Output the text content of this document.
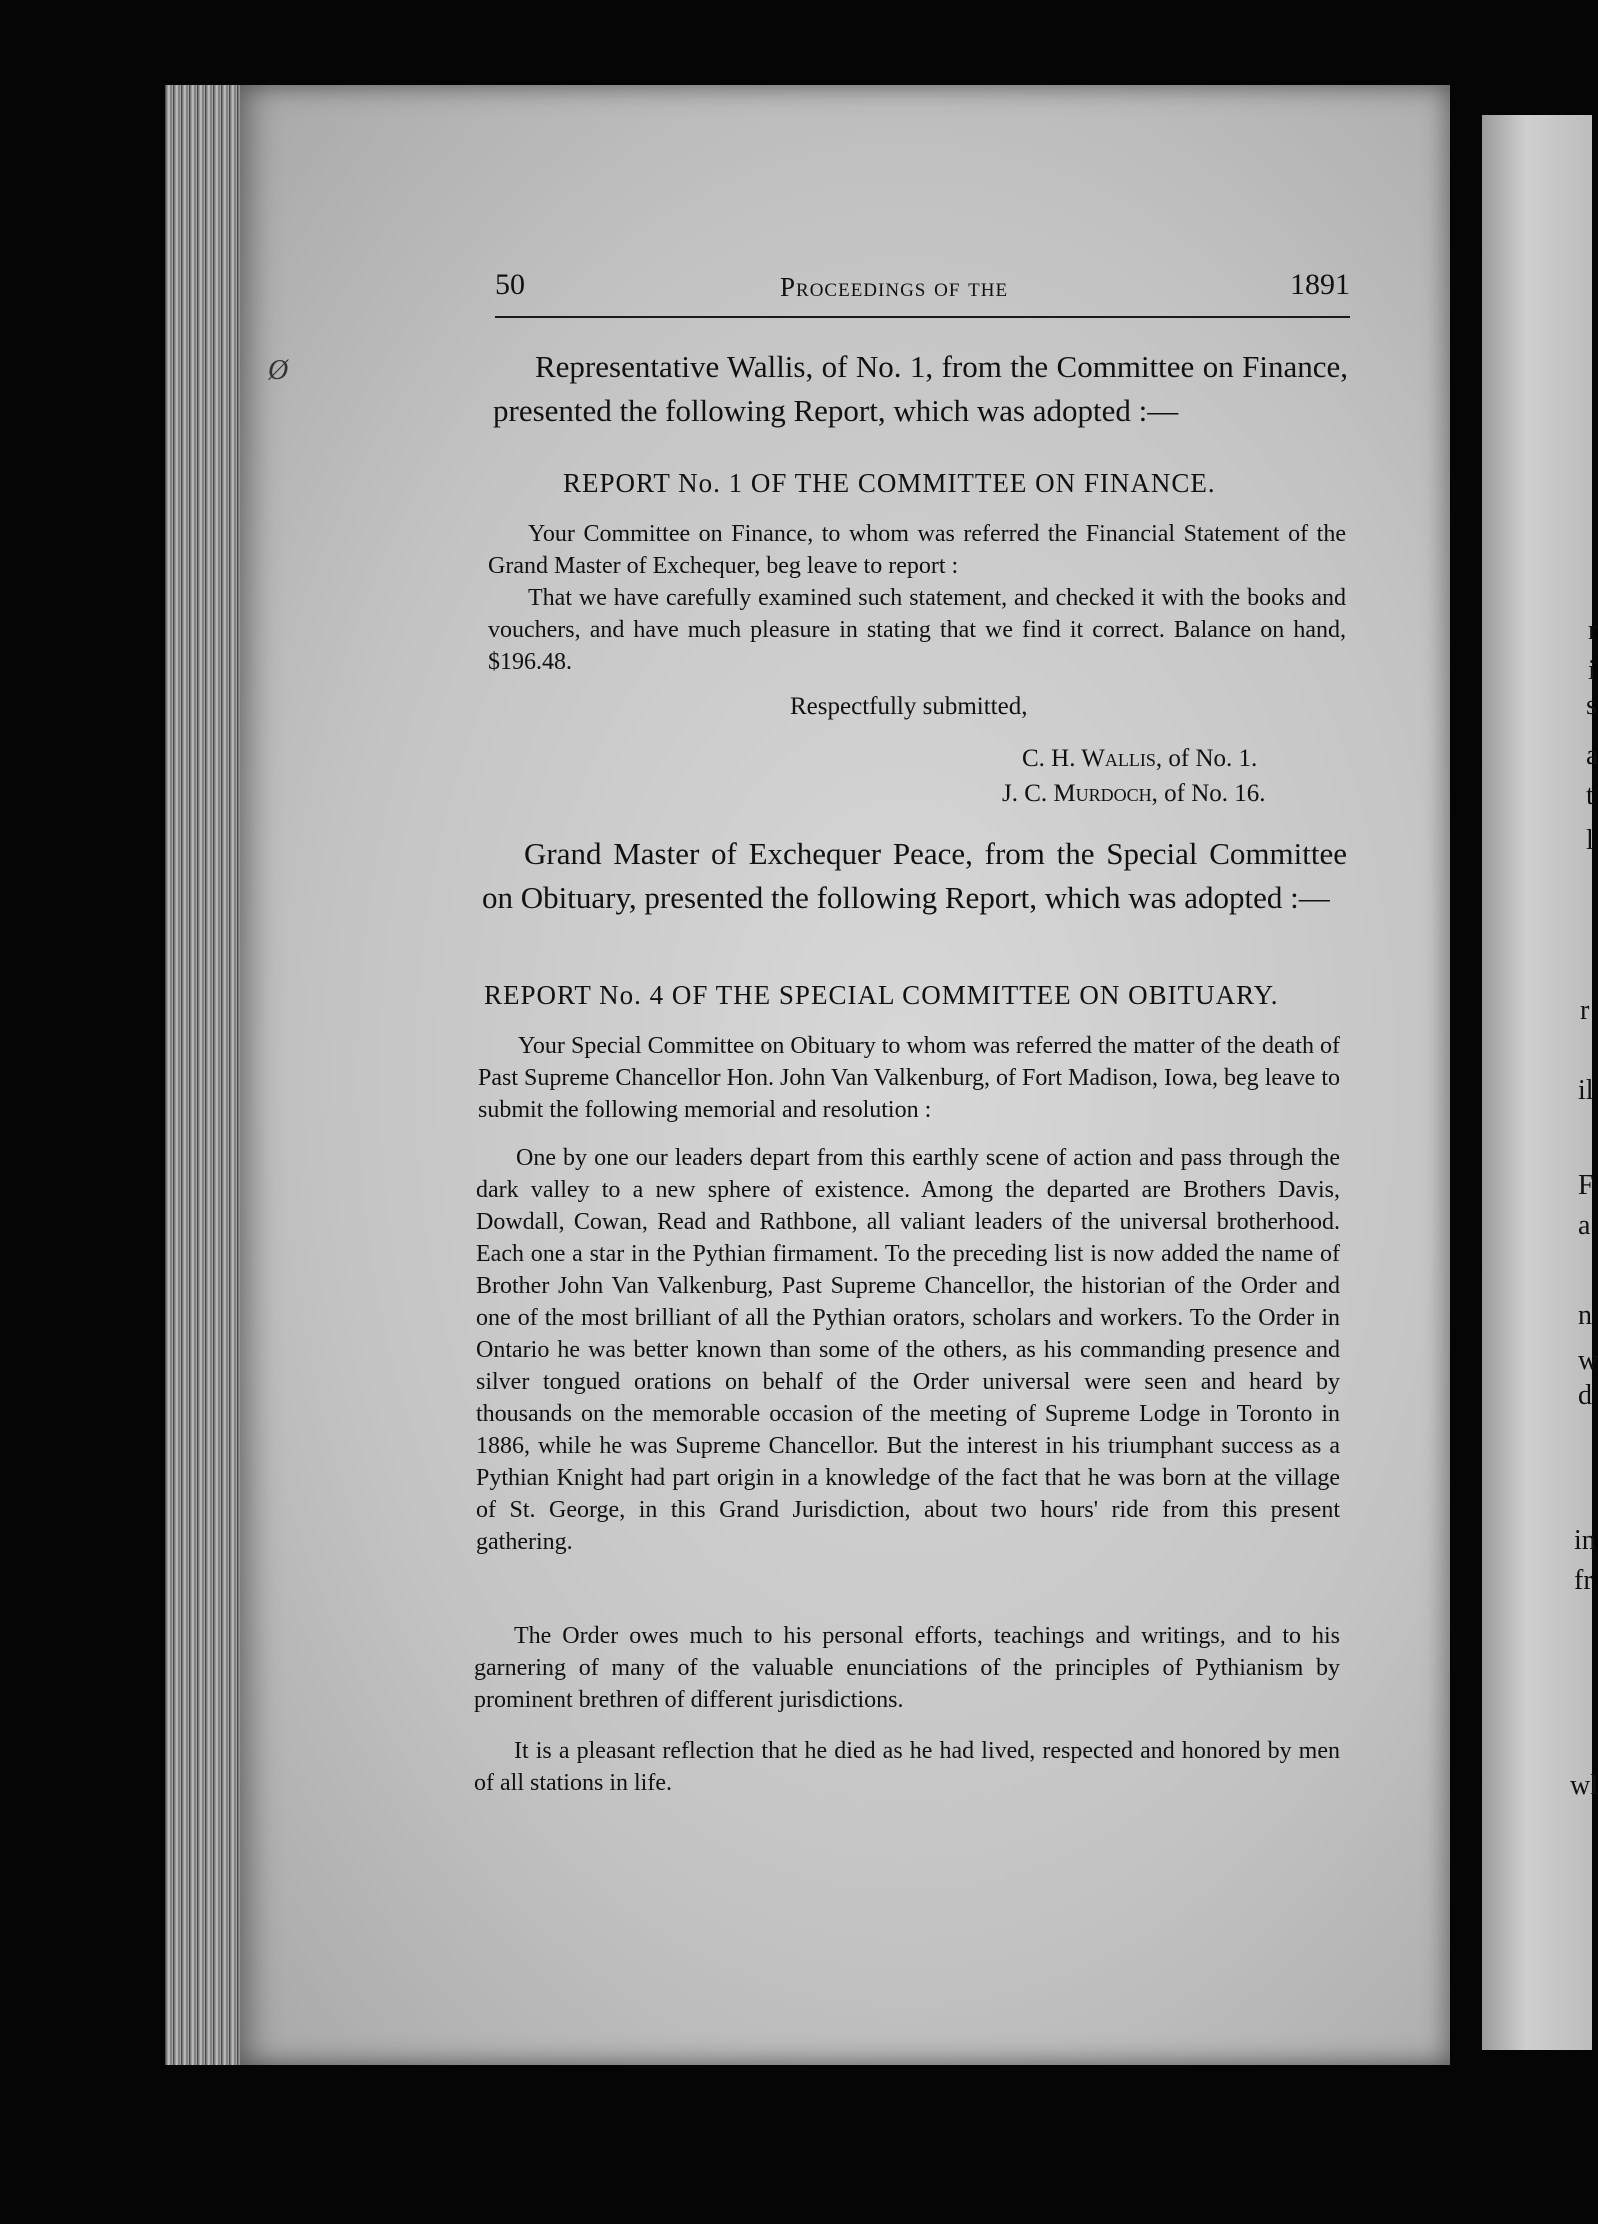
r
i
s
a
t
l
r
il
F
a
n
w
d
in
fr
wl
Ø
50	Proceedings of the	1891

Representative Wallis, of No. 1, from the Committee on Finance, presented the following Report, which was adopted :—

REPORT No. 1 OF THE COMMITTEE ON FINANCE.

Your Committee on Finance, to whom was referred the Financial Statement of the Grand Master of Exchequer, beg leave to report :

That we have carefully examined such statement, and checked it with the books and vouchers, and have much pleasure in stating that we find it correct. Balance on hand, $196.48.

Respectfully submitted,

C. H. Wallis, of No. 1.

J. C. Murdoch, of No. 16.

Grand Master of Exchequer Peace, from the Special Committee on Obituary, presented the following Report, which was adopted :—

REPORT No. 4 OF THE SPECIAL COMMITTEE ON OBITUARY.

Your Special Committee on Obituary to whom was referred the matter of the death of Past Supreme Chancellor Hon. John Van Valkenburg, of Fort Madison, Iowa, beg leave to submit the following memorial and resolution :

One by one our leaders depart from this earthly scene of action and pass through the dark valley to a new sphere of existence. Among the departed are Brothers Davis, Dowdall, Cowan, Read and Rathbone, all valiant leaders of the universal brotherhood. Each one a star in the Pythian firmament. To the preceding list is now added the name of Brother John Van Valkenburg, Past Supreme Chancellor, the historian of the Order and one of the most brilliant of all the Pythian orators, scholars and workers. To the Order in Ontario he was better known than some of the others, as his commanding presence and silver tongued orations on behalf of the Order universal were seen and heard by thousands on the memorable occasion of the meeting of Supreme Lodge in Toronto in 1886, while he was Supreme Chancellor. But the interest in his triumphant success as a Pythian Knight had part origin in a knowledge of the fact that he was born at the village of St. George, in this Grand Jurisdiction, about two hours' ride from this present gathering.

The Order owes much to his personal efforts, teachings and writings, and to his garnering of many of the valuable enunciations of the principles of Pythianism by prominent brethren of different jurisdictions.

It is a pleasant reflection that he died as he had lived, respected and honored by men of all stations in life.
